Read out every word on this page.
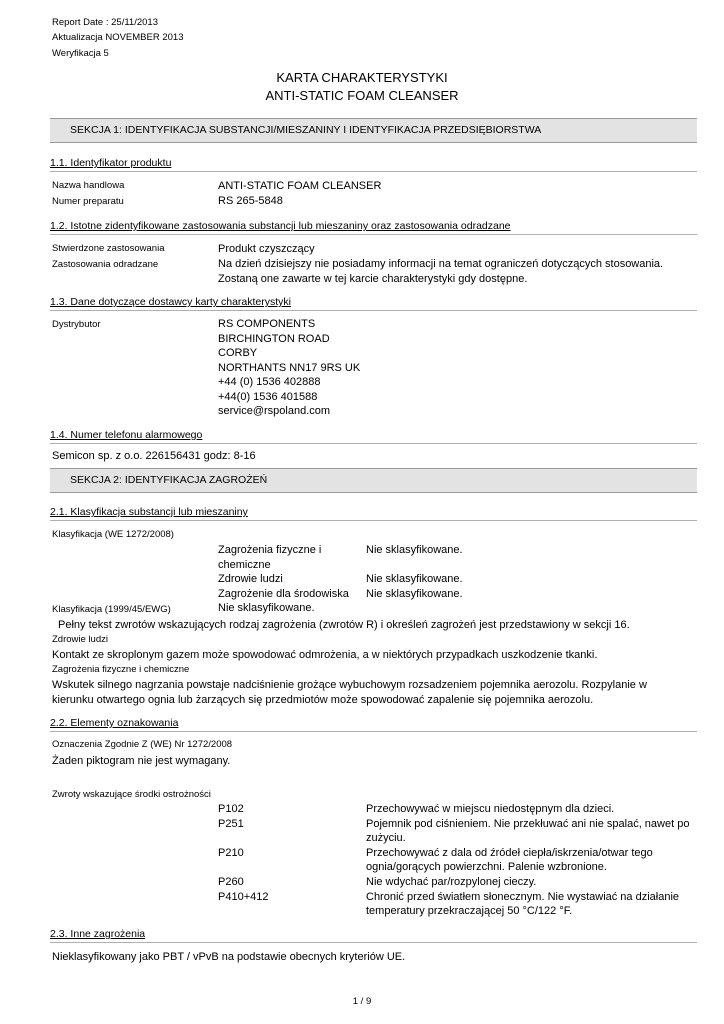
Report Date : 25/11/2013
Aktualizacja NOVEMBER 2013
Weryfikacja 5
KARTA CHARAKTERYSTYKI
ANTI-STATIC FOAM CLEANSER
SEKCJA 1: IDENTYFIKACJA SUBSTANCJI/MIESZANINY I IDENTYFIKACJA PRZEDSIĘBIORSTWA
1.1. Identyfikator produktu
Nazwa handlowa	ANTI-STATIC FOAM CLEANSER
Numer preparatu	RS 265-5848
1.2. Istotne zidentyfikowane zastosowania substancji lub mieszaniny oraz zastosowania odradzane
Stwierdzone zastosowania	Produkt czyszczący
Zastosowania odradzane	Na dzień dzisiejszy nie posiadamy informacji na temat ograniczeń dotyczących stosowania.
Zostaną one zawarte w tej karcie charakterystyki gdy dostępne.
1.3. Dane dotyczące dostawcy karty charakterystyki
Dystrybutor	RS COMPONENTS
BIRCHINGTON ROAD
CORBY
NORTHANTS NN17 9RS UK
+44 (0) 1536 402888
+44(0) 1536 401588
service@rspoland.com
1.4. Numer telefonu alarmowego
Semicon sp. z o.o. 226156431 godz: 8-16
SEKCJA 2: IDENTYFIKACJA ZAGROŻEŃ
2.1. Klasyfikacja substancji lub mieszaniny
Klasyfikacja (WE 1272/2008)
Zagrożenia fizyczne i
chemiczne
Nie sklasyfikowane.
Zdrowie ludzi	Nie sklasyfikowane.
Zagrożenie dla środowiska Nie sklasyfikowane.
Klasyfikacja (1999/45/EWG)	Nie sklasyfikowane.
Pełny tekst zwrotów wskazujących rodzaj zagrożenia (zwrotów R) i określeń zagrożeń jest przedstawiony w sekcji 16.
Zdrowie ludzi
Kontakt ze skroplonym gazem może spowodować odmrożenia, a w niektórych przypadkach uszkodzenie tkanki.
Zagrożenia fizyczne i chemiczne
Wskutek silnego nagrzania powstaje nadciśnienie grożące wybuchowym rozsadzeniem pojemnika aerozolu. Rozpylanie w
kierunku otwartego ognia lub żarzących się przedmiotów może spowodować zapalenie się pojemnika aerozolu.
2.2. Elementy oznakowania
Oznaczenia Zgodnie Z (WE) Nr 1272/2008
Żaden piktogram nie jest wymagany.
Zwroty wskazujące środki ostrożności
P102	Przechowywać w miejscu niedostępnym dla dzieci.
P251	Pojemnik pod ciśnieniem. Nie przekłuwać ani nie spalać, nawet po
zużyciu.
P210	Przechowywać z dala od źródeł ciepła/iskrzenia/otwar tego
ognia/gorących powierzchni. Palenie wzbronione.
P260	Nie wdychać par/rozpylonej cieczy.
P410+412	Chronić przed światłem słonecznym. Nie wystawiać na działanie
temperatury przekraczającej 50 °C/122 °F.
2.3. Inne zagrożenia
Nieklasyfikowany jako PBT / vPvB na podstawie obecnych kryteriów UE.
1 / 9
